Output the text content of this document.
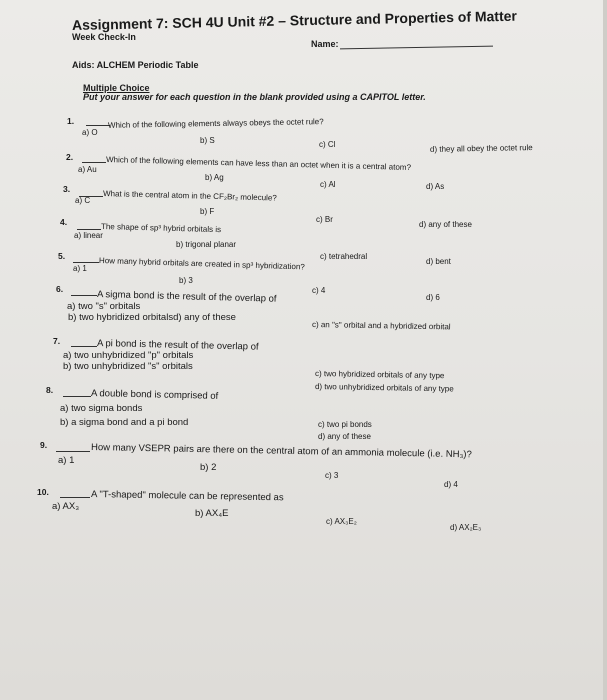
Assignment 7: SCH 4U Unit #2 – Structure and Properties of Matter
Week Check-In
Name:
Aids: ALCHEM Periodic Table
Multiple Choice
Put your answer for each question in the blank provided using a CAPITOL letter.
1.	Which of the following elements always obeys the octet rule?
a) O
b) S	c) Cl	d) they all obey the octet rule
2.	Which of the following elements can have less than an octet when it is a central atom?
a) Au
b) Ag
c) Al	d) As
3.
What is the central atom in the CF₂Br₂ molecule?
a) C
b) F
c) Br
d) any of these
4.
The shape of sp³ hybrid orbitals is
a) linear
b) trigonal planar
c) tetrahedral
d) bent
5.
How many hybrid orbitals are created in sp³ hybridization?
a) 1
b) 3
c) 4
d) 6
6.
A sigma bond is the result of the overlap of
a) two "s" orbitals
b) two hybridized orbitalsd) any of these
c) an "s" orbital and a hybridized orbital
7.	A pi bond is the result of the overlap of
a) two unhybridized "p" orbitals
b) two unhybridized "s" orbitals
c) two hybridized orbitals of any type
d) two unhybridized orbitals of any type
8.	A double bond is comprised of
a) two sigma bonds
b) a sigma bond and a pi bond	c) two pi bonds
d) any of these
9.	How many VSEPR pairs are there on the central atom of an ammonia molecule (i.e. NH₃)?
a) 1
b) 2
c) 3
d) 4
10.	A "T-shaped" molecule can be represented as
a) AX₃
b) AX₄E
c) AX₃E₂
d) AX₂E₃
